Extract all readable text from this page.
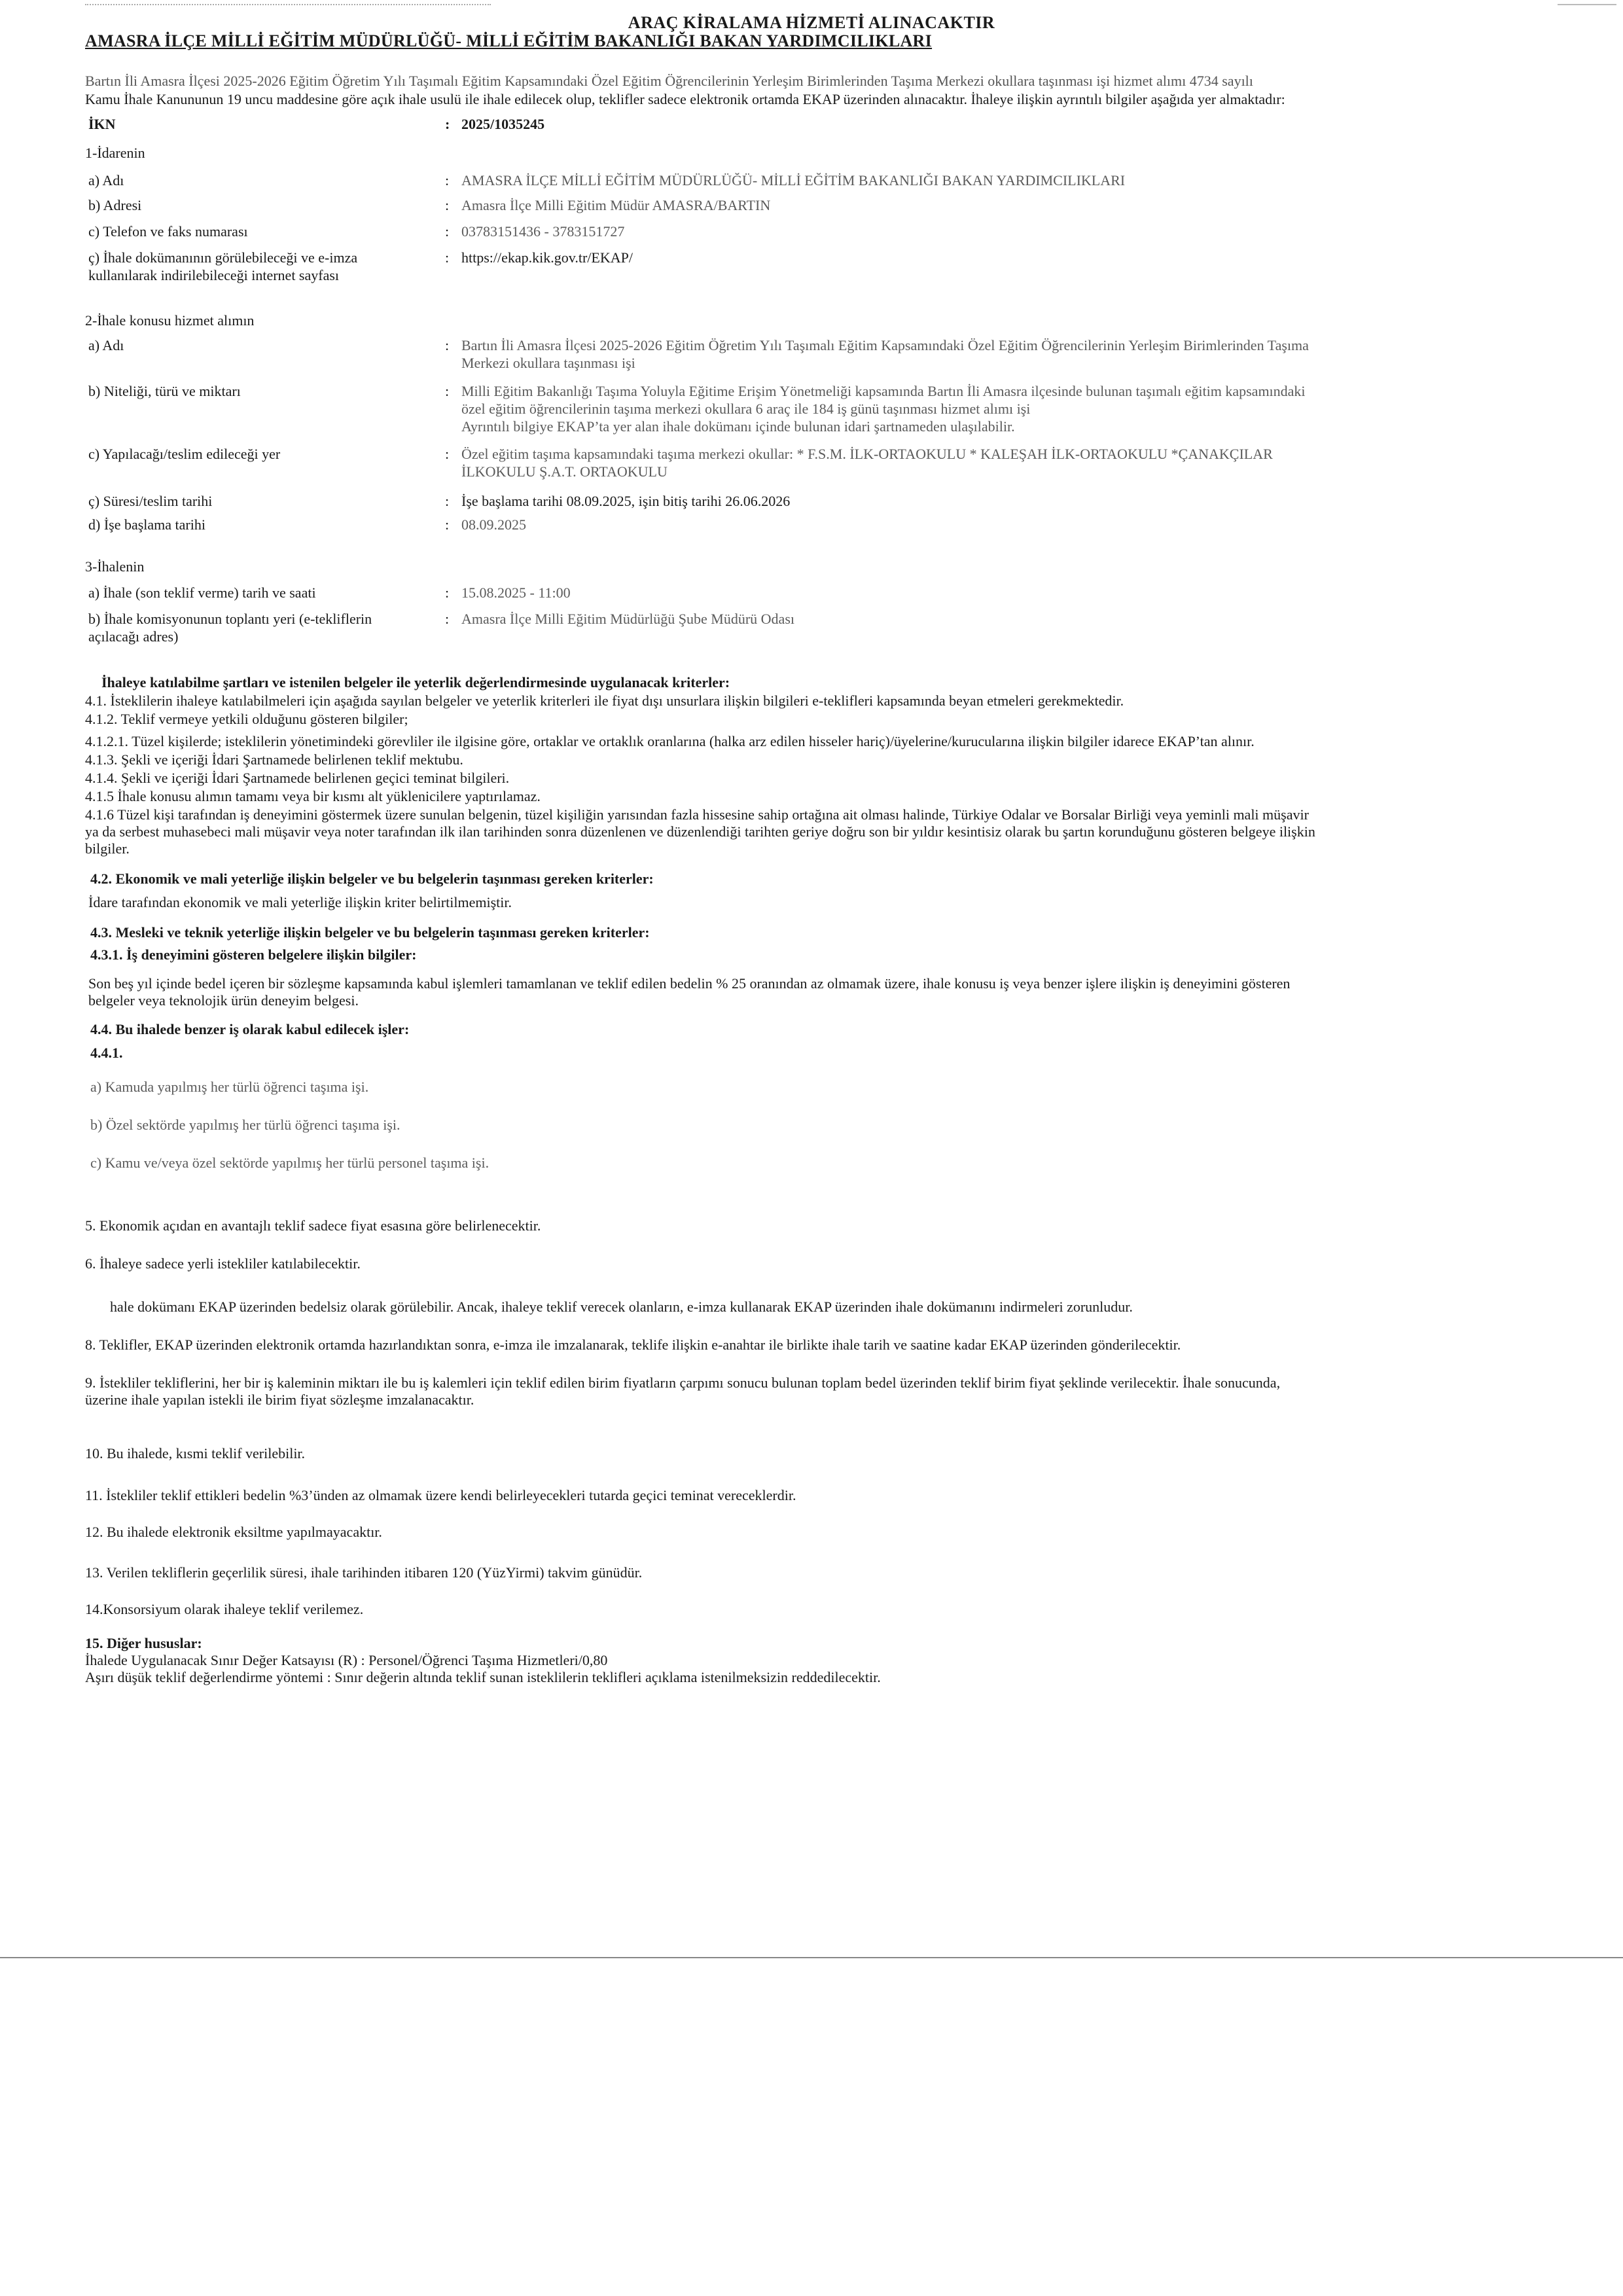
ARAÇ KİRALAMA HİZMETİ ALINACAKTIR
AMASRA İLÇE MİLLİ EĞİTİM MÜDÜRLÜĞÜ- MİLLİ EĞİTİM BAKANLIĞI BAKAN YARDIMCILIKLARI
Bartın İli Amasra İlçesi 2025-2026 Eğitim Öğretim Yılı Taşımalı Eğitim Kapsamındaki Özel Eğitim Öğrencilerinin Yerleşim Birimlerinden Taşıma Merkezi okullara taşınması işi hizmet alımı 4734 sayılı
Kamu İhale Kanununun 19 uncu maddesine göre açık ihale usulü ile ihale edilecek olup, teklifler sadece elektronik ortamda EKAP üzerinden alınacaktır. İhaleye ilişkin ayrıntılı bilgiler aşağıda yer almaktadır:
İKN	: 2025/1035245
1-İdarenin
a) Adı	: AMASRA İLÇE MİLLİ EĞİTİM MÜDÜRLÜĞÜ- MİLLİ EĞİTİM BAKANLIĞI BAKAN YARDIMCILIKLARI
b) Adresi	: Amasra İlçe Milli Eğitim Müdür AMASRA/BARTIN
c) Telefon ve faks numarası	: 03783151436 - 3783151727
ç) İhale dokümanının görülebileceği ve e-imza
kullanılarak indirilebileceği internet sayfası
: https://ekap.kik.gov.tr/EKAP/
2-İhale konusu hizmet alımın
a) Adı	: Bartın İli Amasra İlçesi 2025-2026 Eğitim Öğretim Yılı Taşımalı Eğitim Kapsamındaki Özel Eğitim Öğrencilerinin Yerleşim Birimlerinden Taşıma
Merkezi okullara taşınması işi
b) Niteliği, türü ve miktarı	: Milli Eğitim Bakanlığı Taşıma Yoluyla Eğitime Erişim Yönetmeliği kapsamında Bartın İli Amasra ilçesinde bulunan taşımalı eğitim kapsamındaki
özel eğitim öğrencilerinin taşıma merkezi okullara 6 araç ile 184 iş günü taşınması hizmet alımı işi
Ayrıntılı bilgiye EKAP’ta yer alan ihale dokümanı içinde bulunan idari şartnameden ulaşılabilir.
c) Yapılacağı/teslim edileceği yer	: Özel eğitim taşıma kapsamındaki taşıma merkezi okullar: * F.S.M. İLK-ORTAOKULU * KALEŞAH İLK-ORTAOKULU *ÇANAKÇILAR
İLKOKULU Ş.A.T. ORTAOKULU
ç) Süresi/teslim tarihi	: İşe başlama tarihi 08.09.2025, işin bitiş tarihi 26.06.2026
d) İşe başlama tarihi	: 08.09.2025
3-İhalenin
a) İhale (son teklif verme) tarih ve saati	: 15.08.2025 - 11:00
b) İhale komisyonunun toplantı yeri (e-tekliflerin
açılacağı adres)
: Amasra İlçe Milli Eğitim Müdürlüğü Şube Müdürü Odası
İhaleye katılabilme şartları ve istenilen belgeler ile yeterlik değerlendirmesinde uygulanacak kriterler:
4.1. İsteklilerin ihaleye katılabilmeleri için aşağıda sayılan belgeler ve yeterlik kriterleri ile fiyat dışı unsurlara ilişkin bilgileri e-teklifleri kapsamında beyan etmeleri gerekmektedir.
4.1.2. Teklif vermeye yetkili olduğunu gösteren bilgiler;
4.1.2.1. Tüzel kişilerde; isteklilerin yönetimindeki görevliler ile ilgisine göre, ortaklar ve ortaklık oranlarına (halka arz edilen hisseler hariç)/üyelerine/kurucularına ilişkin bilgiler idarece EKAP’tan alınır.
4.1.3. Şekli ve içeriği İdari Şartnamede belirlenen teklif mektubu.
4.1.4. Şekli ve içeriği İdari Şartnamede belirlenen geçici teminat bilgileri.
4.1.5 İhale konusu alımın tamamı veya bir kısmı alt yüklenicilere yaptırılamaz.
4.1.6 Tüzel kişi tarafından iş deneyimini göstermek üzere sunulan belgenin, tüzel kişiliğin yarısından fazla hissesine sahip ortağına ait olması halinde, Türkiye Odalar ve Borsalar Birliği veya yeminli mali müşavir
ya da serbest muhasebeci mali müşavir veya noter tarafından ilk ilan tarihinden sonra düzenlenen ve düzenlendiği tarihten geriye doğru son bir yıldır kesintisiz olarak bu şartın korunduğunu gösteren belgeye ilişkin
bilgiler.
4.2. Ekonomik ve mali yeterliğe ilişkin belgeler ve bu belgelerin taşınması gereken kriterler:
İdare tarafından ekonomik ve mali yeterliğe ilişkin kriter belirtilmemiştir.
4.3. Mesleki ve teknik yeterliğe ilişkin belgeler ve bu belgelerin taşınması gereken kriterler:
4.3.1. İş deneyimini gösteren belgelere ilişkin bilgiler:
Son beş yıl içinde bedel içeren bir sözleşme kapsamında kabul işlemleri tamamlanan ve teklif edilen bedelin % 25 oranından az olmamak üzere, ihale konusu iş veya benzer işlere ilişkin iş deneyimini gösteren
belgeler veya teknolojik ürün deneyim belgesi.
4.4. Bu ihalede benzer iş olarak kabul edilecek işler:
4.4.1.
a) Kamuda yapılmış her türlü öğrenci taşıma işi.
b) Özel sektörde yapılmış her türlü öğrenci taşıma işi.
c) Kamu ve/veya özel sektörde yapılmış her türlü personel taşıma işi.
5. Ekonomik açıdan en avantajlı teklif sadece fiyat esasına göre belirlenecektir.
6. İhaleye sadece yerli istekliler katılabilecektir.
hale dokümanı EKAP üzerinden bedelsiz olarak görülebilir. Ancak, ihaleye teklif verecek olanların, e-imza kullanarak EKAP üzerinden ihale dokümanını indirmeleri zorunludur.
8. Teklifler, EKAP üzerinden elektronik ortamda hazırlandıktan sonra, e-imza ile imzalanarak, teklife ilişkin e-anahtar ile birlikte ihale tarih ve saatine kadar EKAP üzerinden gönderilecektir.
9. İstekliler tekliflerini, her bir iş kaleminin miktarı ile bu iş kalemleri için teklif edilen birim fiyatların çarpımı sonucu bulunan toplam bedel üzerinden teklif birim fiyat şeklinde verilecektir. İhale sonucunda,
üzerine ihale yapılan istekli ile birim fiyat sözleşme imzalanacaktır.
10. Bu ihalede, kısmi teklif verilebilir.
11. İstekliler teklif ettikleri bedelin %3’ünden az olmamak üzere kendi belirleyecekleri tutarda geçici teminat vereceklerdir.
12. Bu ihalede elektronik eksiltme yapılmayacaktır.
13. Verilen tekliflerin geçerlilik süresi, ihale tarihinden itibaren 120 (YüzYirmi) takvim günüdür.
14.Konsorsiyum olarak ihaleye teklif verilemez.
15. Diğer hususlar:
İhalede Uygulanacak Sınır Değer Katsayısı (R) : Personel/Öğrenci Taşıma Hizmetleri/0,80
Aşırı düşük teklif değerlendirme yöntemi : Sınır değerin altında teklif sunan isteklilerin teklifleri açıklama istenilmeksizin reddedilecektir.
